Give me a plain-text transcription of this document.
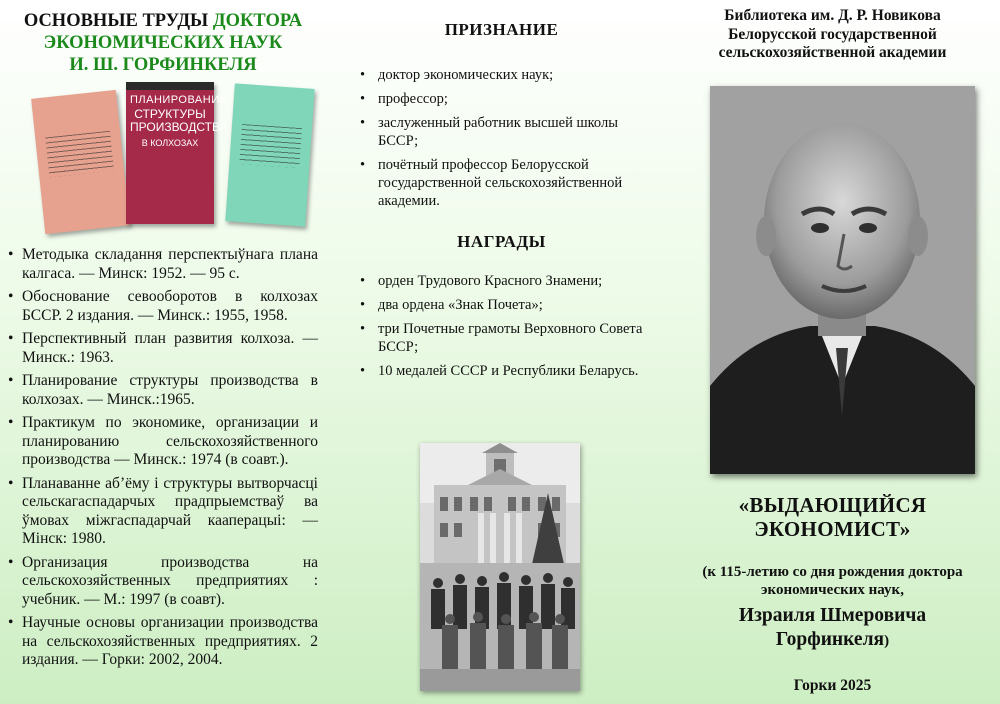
ОСНОВНЫЕ ТРУДЫ ДОКТОРА
ЭКОНОМИЧЕСКИХ НАУК
И. Ш. ГОРФИНКЕЛЯ
ПЛАНИРОВАНИЕ
СТРУКТУРЫ ПРОИЗВОДСТВА
В КОЛХОЗАХ
• Методыка складання перспектыўнага плана калгаса. — Минск: 1952. — 95 с.
• Обоснование севооборотов в колхозах БССР. 2 издания. — Минск.: 1955, 1958.
• Перспективный план развития колхоза. — Минск.: 1963.
• Планирование структуры производства в колхозах. — Минск.:1965.
• Практикум по экономике, организации и планированию сельскохозяйственного производства — Минск.: 1974 (в соавт.).
• Планаванне аб’ёму і структуры вытворчасці сельскагаспадарчых прадпрыемстваў ва ўмовах міжгаспадарчай кааперацыі: — Мінск: 1980.
• Организация производства на сельскохозяйственных предприятиях : учебник. — М.: 1997 (в соавт).
• Научные основы организации производства на сельскохозяйственных предприятиях. 2 издания. — Горки: 2002, 2004.
ПРИЗНАНИЕ
• доктор экономических наук;
• профессор;
• заслуженный работник высшей школы БССР;
• почётный профессор Белорусской государственной сельскохозяйственной академии.
НАГРАДЫ
• орден Трудового Красного Знамени;
• два ордена «Знак Почета»;
• три Почетные грамоты Верховного Совета БССР;
• 10 медалей СССР и Республики Беларусь.
Библиотека им. Д. Р. Новикова
Белорусской государственной
сельскохозяйственной академии
«ВЫДАЮЩИЙСЯ
ЭКОНОМИСТ»
(к 115-летию со дня рождения доктора
экономических наук,
Израиля Шмеровича
Горфинкеля)
Горки 2025
